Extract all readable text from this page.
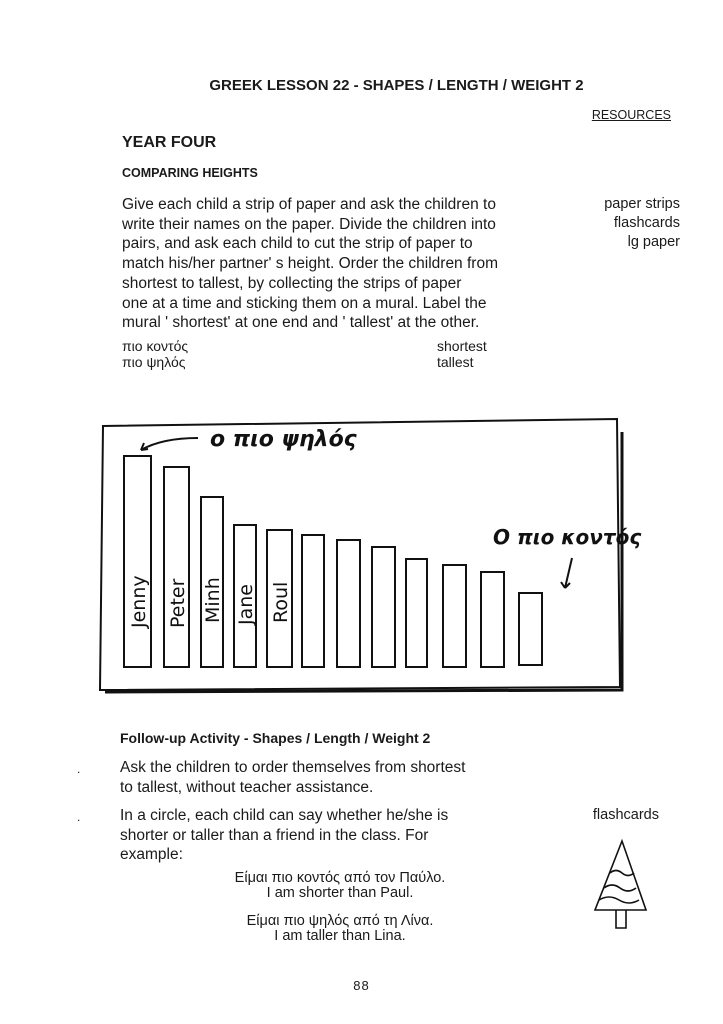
GREEK LESSON 22 - SHAPES / LENGTH / WEIGHT 2
RESOURCES
YEAR FOUR
COMPARING HEIGHTS
Give each child a strip of paper and ask the children to
write their names on the paper. Divide the children into
pairs, and ask each child to cut the strip of paper to
match his/her partner' s height. Order the children from
shortest to tallest, by collecting the strips of paper
one at a time and sticking them on a mural. Label the
mural ' shortest' at one end and ' tallest' at the other.
paper strips
flashcards
lg paper
πιο κοντός
πιο ψηλός
shortest
tallest
ο πιο ψηλός
Ο πιο κοντός
Jenny Peter Minh Jane Roul
Follow-up Activity - Shapes / Length / Weight 2
.	Ask the children to order themselves from shortest
to tallest, without teacher assistance.
.	In a circle, each child can say whether he/she is
shorter or taller than a friend in the class. For
example:
flashcards
Είμαι πιο κοντός από τον Παύλο.
I am shorter than Paul.
Είμαι πιο ψηλός από τη Λίνα.
I am taller than Lina.
88
